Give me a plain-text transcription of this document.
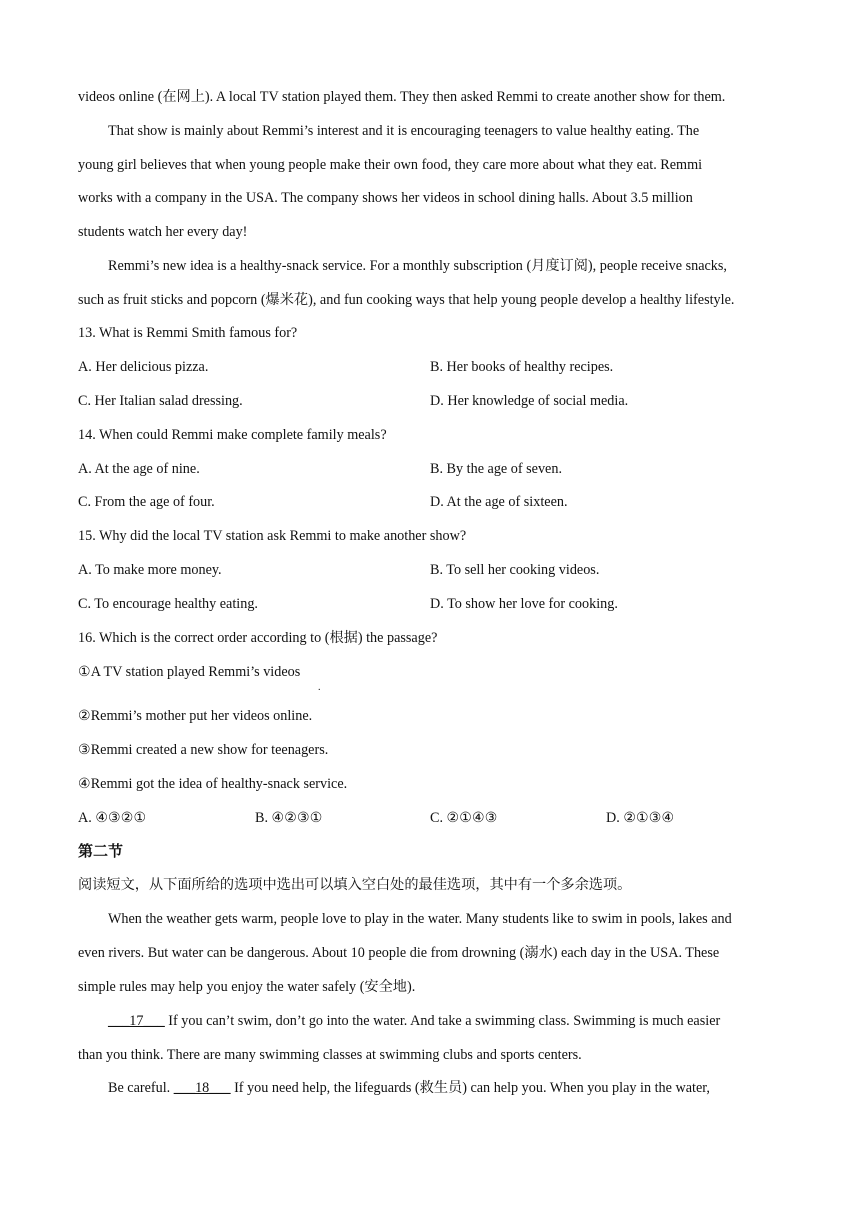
videos online (在网上). A local TV station played them. They then asked Remmi to create another show for them.
That show is mainly about Remmi’s interest and it is encouraging teenagers to value healthy eating. The
young girl believes that when young people make their own food, they care more about what they eat. Remmi
works with a company in the USA. The company shows her videos in school dining halls. About 3.5 million
students watch her every day!
Remmi’s new idea is a healthy-snack service. For a monthly subscription (月度订阅), people receive snacks,
such as fruit sticks and popcorn (爆米花), and fun cooking ways that help young people develop a healthy lifestyle.
13. What is Remmi Smith famous for?
A. Her delicious pizza.	B. Her books of healthy recipes.
C. Her Italian salad dressing.	D. Her knowledge of social media.
14. When could Remmi make complete family meals?
A. At the age of nine.	B. By the age of seven.
C. From the age of four.	D. At the age of sixteen.
15. Why did the local TV station ask Remmi to make another show?
A. To make more money.	B. To sell her cooking videos.
C. To encourage healthy eating.	D. To show her love for cooking.
16. Which is the correct order according to (根据) the passage?
①A TV station played Remmi’s videos
.
②Remmi’s mother put her videos online.
③Remmi created a new show for teenagers.
④Remmi got the idea of healthy-snack service.
A. ④③②①	B. ④②③①	C. ②①④③	D. ②①③④
第二节
阅读短文，从下面所给的选项中选出可以填入空白处的最佳选项，其中有一个多余选项。
When the weather gets warm, people love to play in the water. Many students like to swim in pools, lakes and
even rivers. But water can be dangerous. About 10 people die from drowning (溺水) each day in the USA. These
simple rules may help you enjoy the water safely (安全地).
___17___ If you can’t swim, don’t go into the water. And take a swimming class. Swimming is much easier
than you think. There are many swimming classes at swimming clubs and sports centers.
Be careful. ___18___ If you need help, the lifeguards (救生员) can help you. When you play in the water,
